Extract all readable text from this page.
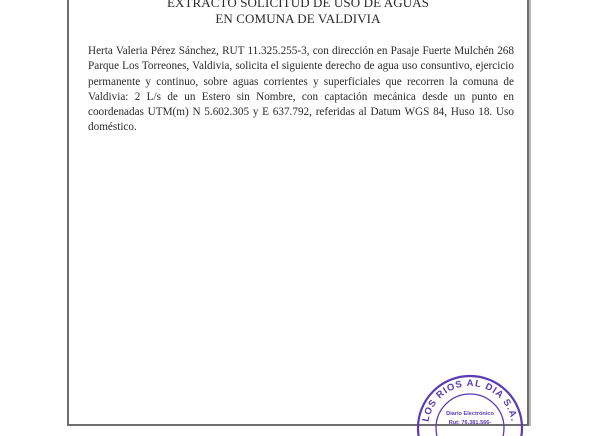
EXTRACTO SOLICITUD DE USO DE AGUAS
EN COMUNA DE VALDIVIA

Herta Valeria Pérez Sánchez, RUT 11.325.255-3, con dirección en Pasaje Fuerte Mulchén 268 Parque Los Torreones, Valdivia, solicita el siguiente derecho de agua uso consuntivo, ejercicio permanente y continuo, sobre aguas corrientes y superficiales que recorren la comuna de Valdivia: 2 L/s de un Estero sin Nombre, con captación mecánica desde un punto en coordenadas UTM(m) N 5.602.305 y E 637.792, referidas al Datum WGS 84, Huso 18. Uso doméstico.

LOS RIOS AL DIA S.A.
Diario Electrónico
Rut: 76.381.566-
